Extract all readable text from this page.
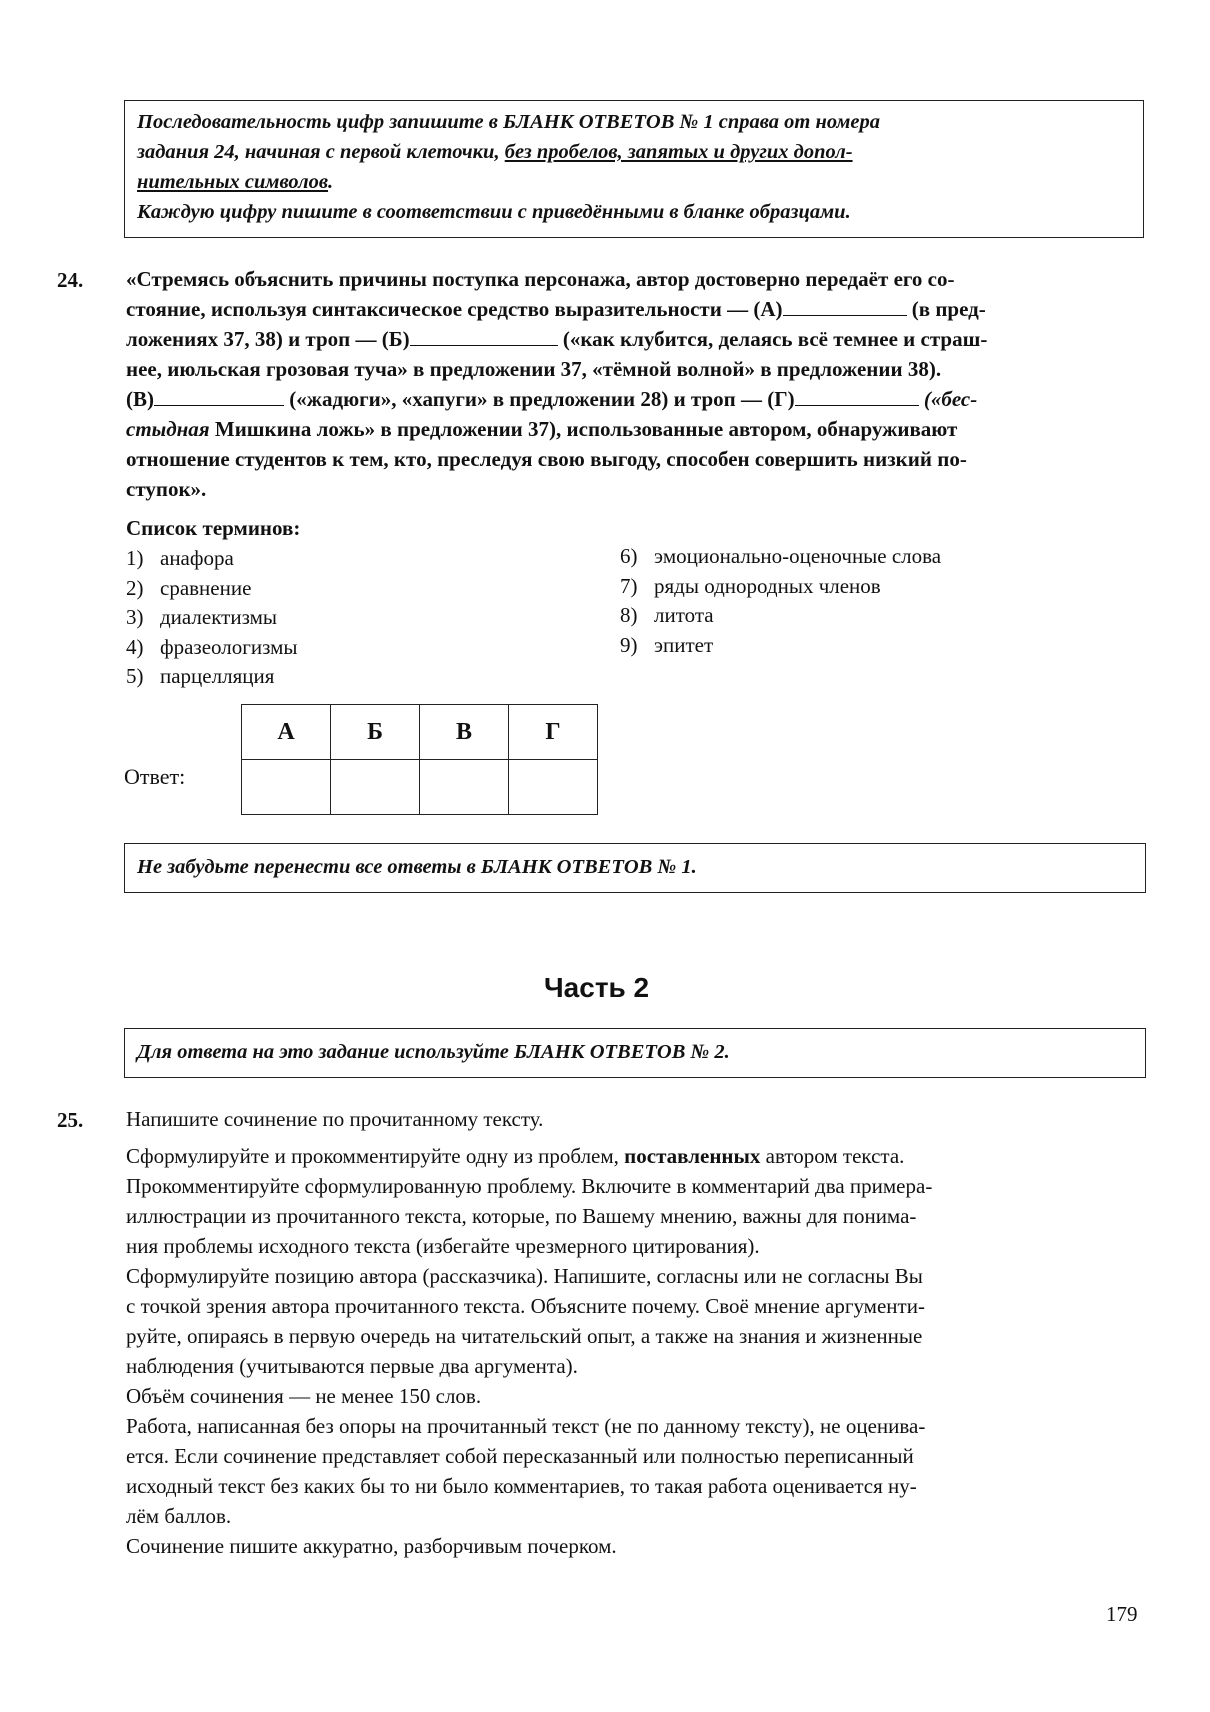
Последовательность цифр запишите в БЛАНК ОТВЕТОВ № 1 справа от номера
задания 24, начиная с первой клеточки, без пробелов, запятых и других допол-
нительных символов.
Каждую цифру пишите в соответствии с приведёнными в бланке образцами.
24. «Стремясь объяснить причины поступка персонажа, автор достоверно передаёт его со-
стояние, используя синтаксическое средство выразительности — (А)	(в пред-
ложениях 37, 38) и троп — (Б)	(«как клубится, делаясь всё темнее и страш-
нее, июльская грозовая туча» в предложении 37, «тёмной волной» в предложении 38).
(В)	(«жадюги», «хапуги» в предложении 28) и троп — (Г)	(«бес-
стыдная Мишкина ложь» в предложении 37), использованные автором, обнаруживают
отношение студентов к тем, кто, преследуя свою выгоду, способен совершить низкий по-
ступок».
Список терминов:
1) анафора
2) сравнение
3) диалектизмы
4) фразеологизмы
5) парцелляция
6) эмоционально-оценочные слова
7) ряды однородных членов
8) литота
9) эпитет
Ответ:
А	Б	В	Г

Не забудьте перенести все ответы в БЛАНК ОТВЕТОВ № 1.
Часть 2
Для ответа на это задание используйте БЛАНК ОТВЕТОВ № 2.
25. Напишите сочинение по прочитанному тексту.
Сформулируйте и прокомментируйте одну из проблем, поставленных автором текста.
Прокомментируйте сформулированную проблему. Включите в комментарий два примера-
иллюстрации из прочитанного текста, которые, по Вашему мнению, важны для понима-
ния проблемы исходного текста (избегайте чрезмерного цитирования).
Сформулируйте позицию автора (рассказчика). Напишите, согласны или не согласны Вы
с точкой зрения автора прочитанного текста. Объясните почему. Своё мнение аргументи-
руйте, опираясь в первую очередь на читательский опыт, а также на знания и жизненные
наблюдения (учитываются первые два аргумента).
Объём сочинения — не менее 150 слов.
Работа, написанная без опоры на прочитанный текст (не по данному тексту), не оценива-
ется. Если сочинение представляет собой пересказанный или полностью переписанный
исходный текст без каких бы то ни было комментариев, то такая работа оценивается ну-
лём баллов.
Сочинение пишите аккуратно, разборчивым почерком.
179
